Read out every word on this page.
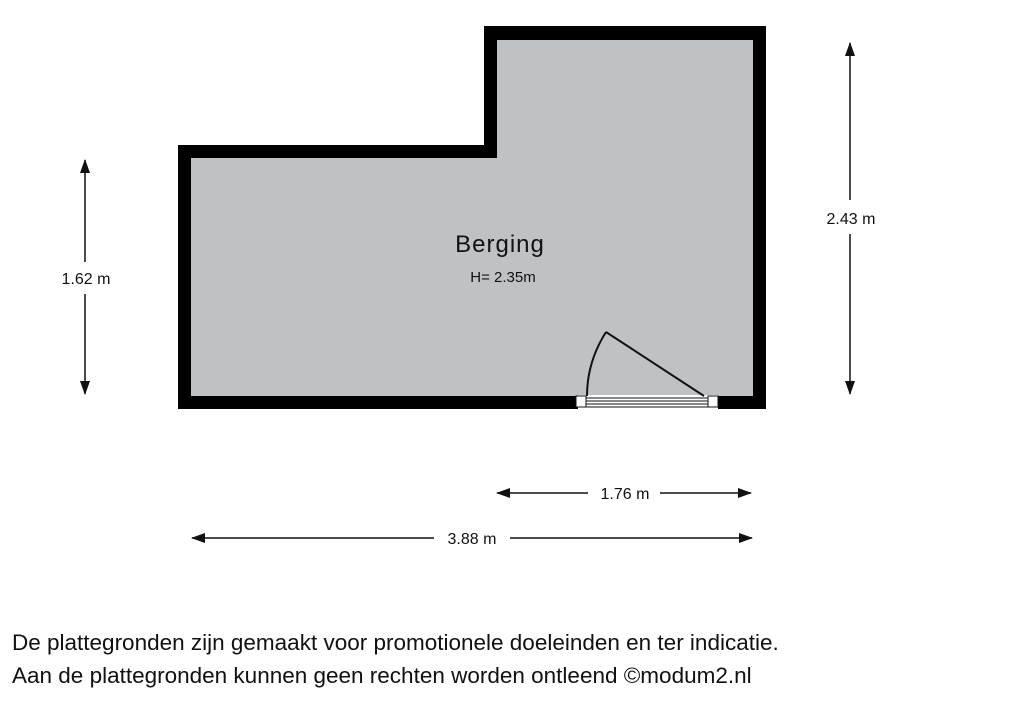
Berging
H= 2.35m
1.62 m
2.43 m
1.76 m
3.88 m
De plattegronden zijn gemaakt voor promotionele doeleinden en ter indicatie.
Aan de plattegronden kunnen geen rechten worden ontleend ©modum2.nl
